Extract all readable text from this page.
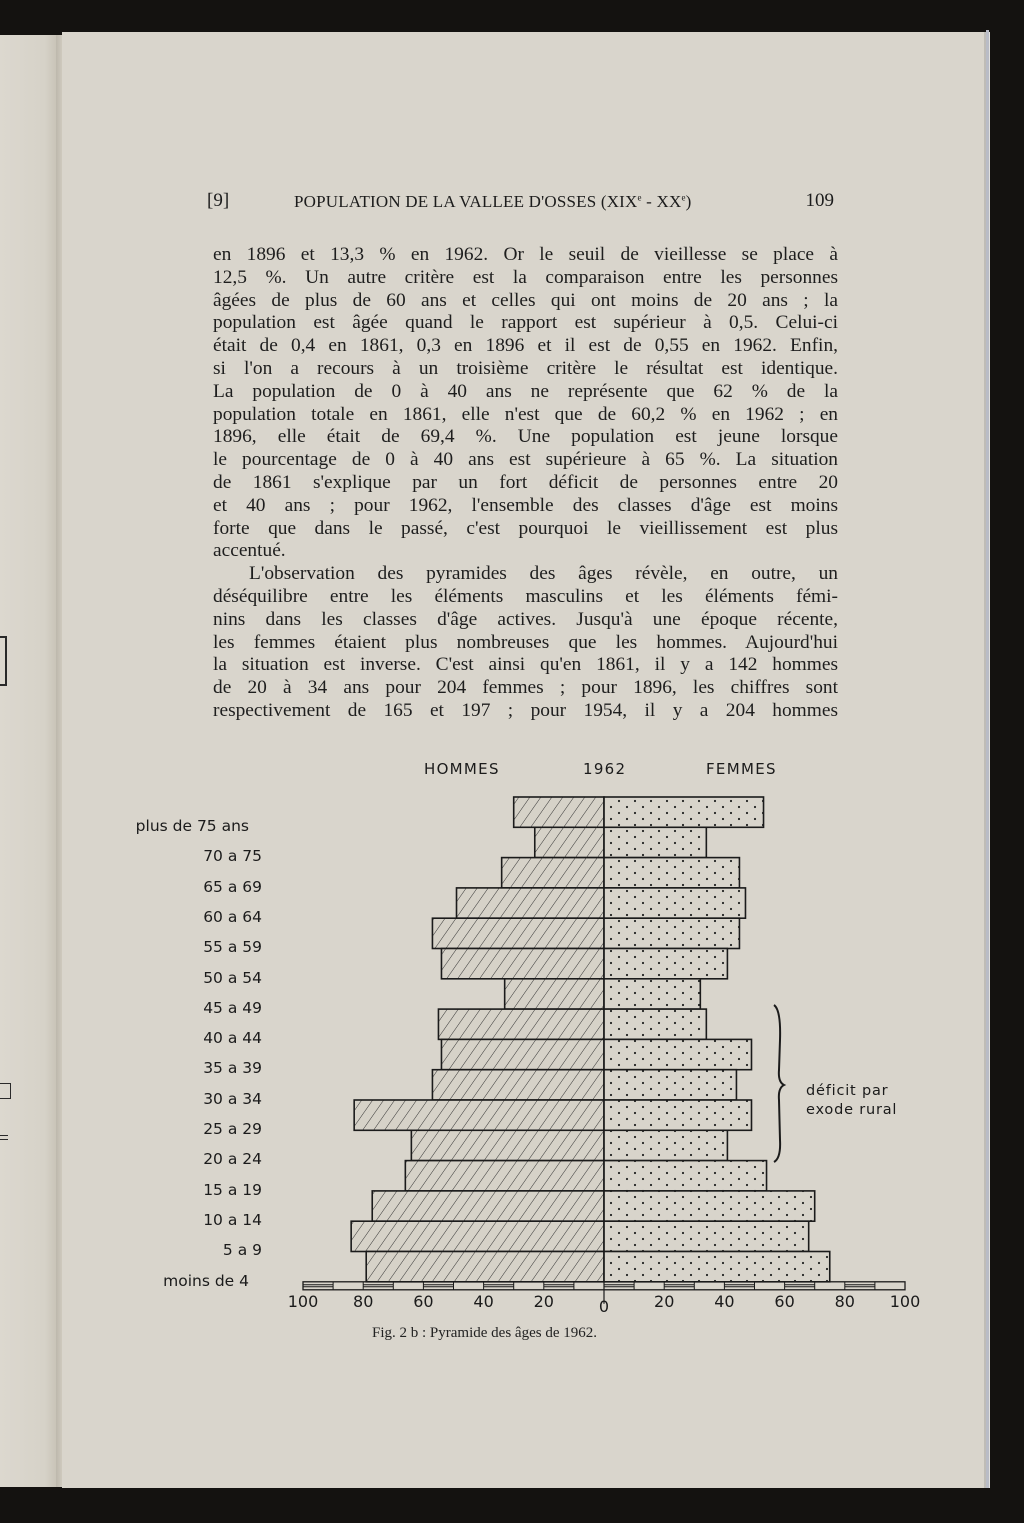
[9]	POPULATION DE LA VALLEE D'OSSES (XIXe - XXe)	109

en 1896 et 13,3 % en 1962. Or le seuil de vieillesse se place à

12,5 %. Un autre critère est la comparaison entre les personnes

âgées de plus de 60 ans et celles qui ont moins de 20 ans ; la

population est âgée quand le rapport est supérieur à 0,5. Celui-ci

était de 0,4 en 1861, 0,3 en 1896 et il est de 0,55 en 1962. Enfin,

si l'on a recours à un troisième critère le résultat est identique.

La population de 0 à 40 ans ne représente que 62 % de la

population totale en 1861, elle n'est que de 60,2 % en 1962 ; en

1896, elle était de 69,4 %. Une population est jeune lorsque

le pourcentage de 0 à 40 ans est supérieure à 65 %. La situation

de 1861 s'explique par un fort déficit de personnes entre 20

et 40 ans ; pour 1962, l'ensemble des classes d'âge est moins

forte que dans le passé, c'est pourquoi le vieillissement est plus

accentué.

L'observation des pyramides des âges révèle, en outre, un

déséquilibre entre les éléments masculins et les éléments fémi-

nins dans les classes d'âge actives. Jusqu'à une époque récente,

les femmes étaient plus nombreuses que les hommes. Aujourd'hui

la situation est inverse. C'est ainsi qu'en 1861, il y a 142 hommes

de 20 à 34 ans pour 204 femmes ; pour 1896, les chiffres sont

respectivement de 165 et 197 ; pour 1954, il y a 204 hommes

HOMMES	1962	FEMMES
plus de 75 ans
70 a 75
65 a 69
60 a 64
55 a 59
50 a 54
45 a 49
40 a 44
35 a 39
30 a 34
25 a 29
20 a 24
15 a 19
10 a 14
5 a 9
moins de 4
déficit par
exode rural
100 80 60 40 20	0	20 40 60 80 100
Fig. 2 b : Pyramide des âges de 1962.
